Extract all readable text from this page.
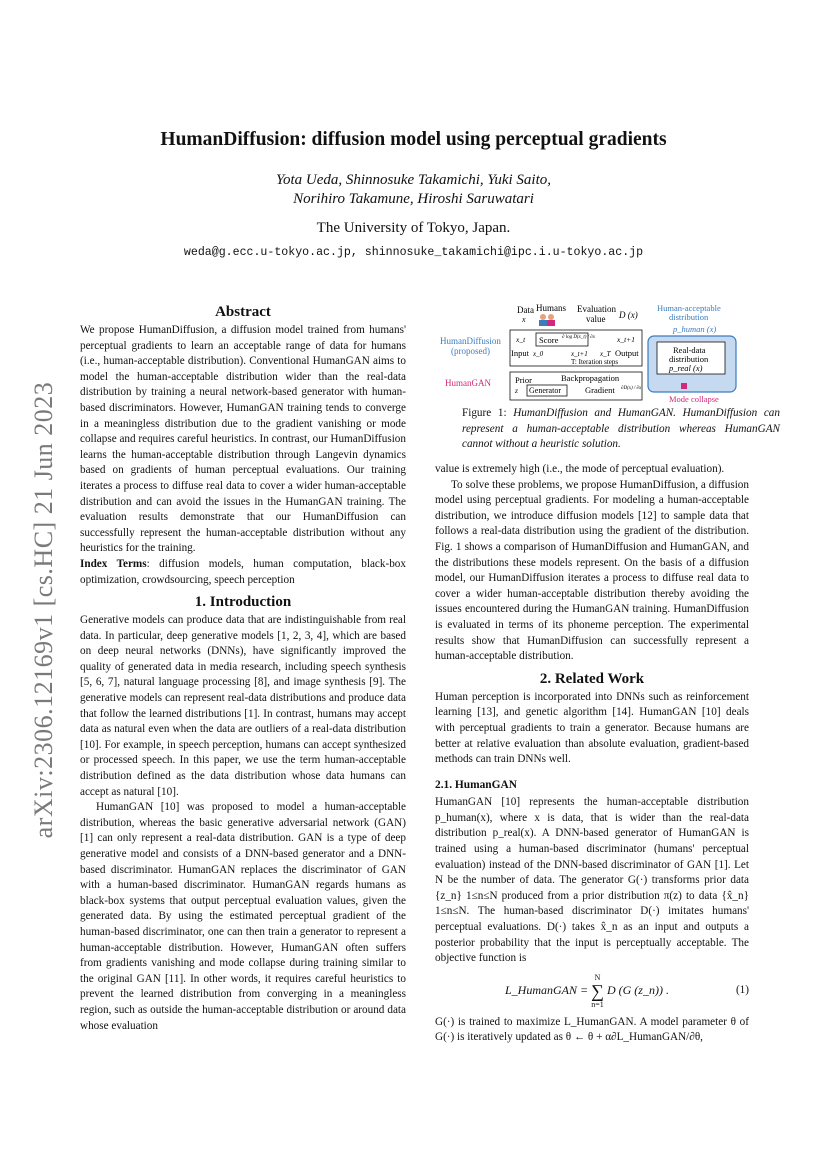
arXiv:2306.12169v1 [cs.HC] 21 Jun 2023
HumanDiffusion: diffusion model using perceptual gradients
Yota Ueda, Shinnosuke Takamichi, Yuki Saito,
Norihiro Takamune, Hiroshi Saruwatari
The University of Tokyo, Japan.
weda@g.ecc.u-tokyo.ac.jp, shinnosuke_takamichi@ipc.i.u-tokyo.ac.jp
Abstract

We propose HumanDiffusion, a diffusion model trained from humans' perceptual gradients to learn an acceptable range of data for humans (i.e., human-acceptable distribution). Conventional HumanGAN aims to model the human-acceptable distribution wider than the real-data distribution by training a neural network-based generator with human-based discriminators. However, HumanGAN training tends to converge in a meaningless distribution due to the gradient vanishing or mode collapse and requires careful heuristics. In contrast, our HumanDiffusion learns the human-acceptable distribution through Langevin dynamics based on gradients of human perceptual evaluations. Our training iterates a process to diffuse real data to cover a wider human-acceptable distribution and can avoid the issues in the HumanGAN training. The evaluation results demonstrate that our HumanDiffusion can successfully represent the human-acceptable distribution without any heuristics for the training.

Index Terms: diffusion models, human computation, black-box optimization, crowdsourcing, speech perception

1. Introduction

Generative models can produce data that are indistinguishable from real data. In particular, deep generative models [1, 2, 3, 4], which are based on deep neural networks (DNNs), have significantly improved the quality of generated data in media research, including speech synthesis [5, 6, 7], natural language processing [8], and image synthesis [9]. The generative models can represent real-data distributions and produce data that follow the learned distributions [1]. In contrast, humans may accept data as natural even when the data are outliers of a real-data distribution [10]. For example, in speech perception, humans can accept synthesized or processed speech. In this paper, we use the term human-acceptable distribution defined as the data distribution whose data humans can accept as natural [10].

HumanGAN [10] was proposed to model a human-acceptable distribution, whereas the basic generative adversarial network (GAN) [1] can only represent a real-data distribution. GAN is a type of deep generative model and consists of a DNN-based generator and a DNN-based discriminator. HumanGAN replaces the discriminator of GAN with a human-based discriminator. HumanGAN regards humans as black-box systems that output perceptual evaluation values, given the generated data. By using the estimated perceptual gradient of the human-based discriminator, one can then train a generator to represent a human-acceptable distribution. However, HumanGAN often suffers from gradients vanishing and mode collapse during training similar to the original GAN [11]. In other words, it requires careful heuristics to prevent the learned distribution from converging in a meaningless region, such as outside the human-acceptable distribution or around data whose evaluation

Data
x
Humans Evaluation
value D (x)
HumanDiffusion
(proposed)
HumanGAN
x_t Score ∂ log D(x_t) / ∂x	x_t+1
Input x_0	x_t+1 x_T Output
T: Iteration steps
Prior
z Generator
Backpropagation
Gradient ∂D(x) / ∂x
Human-acceptable
distribution
p_human (x)
Real-data
distribution
p_real (x)
Mode collapse
Figure 1: HumanDiffusion and HumanGAN. HumanDiffusion can represent a human-acceptable distribution whereas HumanGAN cannot without a heuristic solution.

value is extremely high (i.e., the mode of perceptual evaluation).

To solve these problems, we propose HumanDiffusion, a diffusion model using perceptual gradients. For modeling a human-acceptable distribution, we introduce diffusion models [12] to sample data that follows a real-data distribution using the gradient of the distribution. Fig. 1 shows a comparison of HumanDiffusion and HumanGAN, and the distributions these models represent. On the basis of a diffusion model, our HumanDiffusion iterates a process to diffuse real data to cover a wider human-acceptable distribution thereby avoiding the issues encountered during the HumanGAN training. HumanDiffusion is evaluated in terms of its phoneme perception. The experimental results show that HumanDiffusion can successfully represent a human-acceptable distribution.

2. Related Work

Human perception is incorporated into DNNs such as reinforcement learning [13], and genetic algorithm [14]. HumanGAN [10] deals with perceptual gradients to train a generator. Because humans are better at relative evaluation than absolute evaluation, gradient-based methods can train DNNs well.

2.1. HumanGAN

HumanGAN [10] represents the human-acceptable distribution p_human(x), where x is data, that is wider than the real-data distribution p_real(x). A DNN-based generator of HumanGAN is trained using a human-based discriminator (humans' perceptual evaluation) instead of the DNN-based discriminator of GAN [1]. Let N be the number of data. The generator G(·) transforms prior data {z_n} 1≤n≤N produced from a prior distribution π(z) to data {x̂_n} 1≤n≤N. The human-based discriminator D(·) imitates humans' perceptual evaluations. D(·) takes x̂_n as an input and outputs a posterior probability that the input is perceptually acceptable. The objective function is

L_HumanGAN = N
∑
n=1 D (G (z_n)) .	(1)

G(·) is trained to maximize L_HumanGAN. A model parameter θ of G(·) is iteratively updated as θ ← θ + α∂L_HumanGAN/∂θ,
